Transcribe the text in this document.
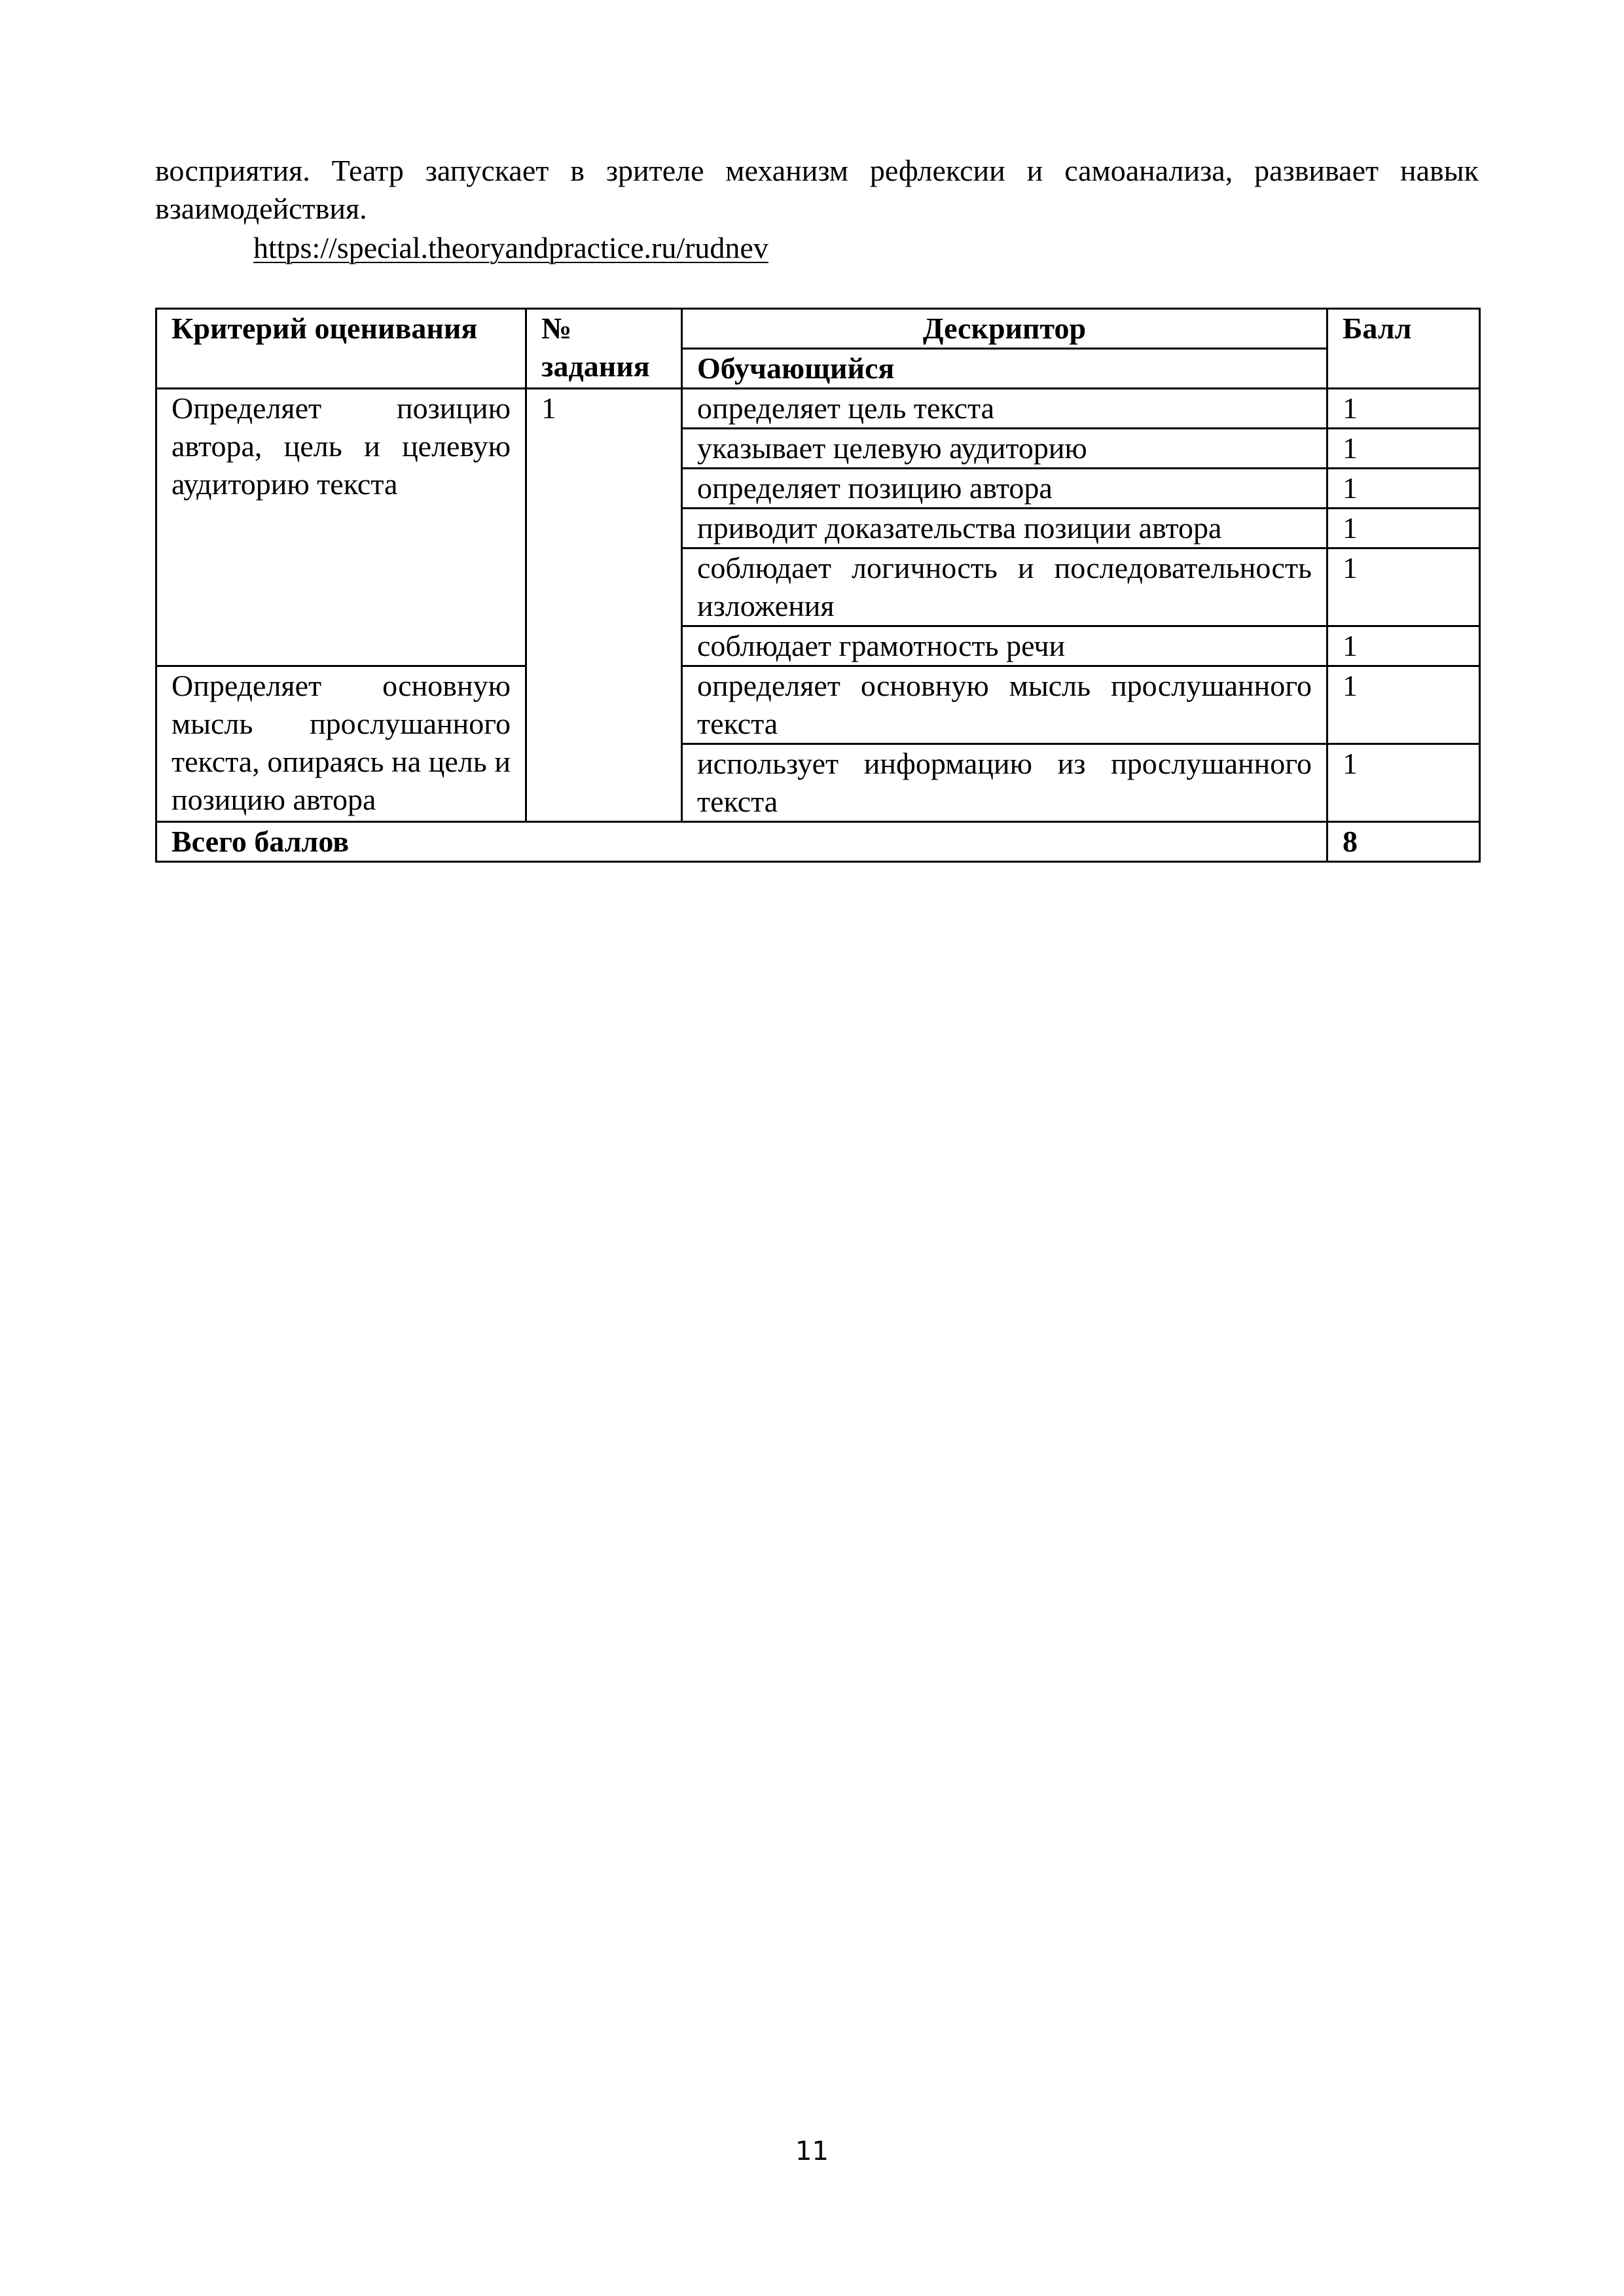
восприятия. Театр запускает в зрителе механизм рефлексии и самоанализа, развивает навык
взаимодействия.
https://special.theoryandpractice.ru/rudnev
Критерий оценивания	№ задания	Дескриптор	Балл
		Обучающийся	
Определяет позицию автора, цель и целевую аудиторию текста	1	определяет цель текста	1
		указывает целевую аудиторию	1
		определяет позицию автора	1
		приводит доказательства позиции автора	1
		соблюдает логичность и последовательность изложения	1
		соблюдает грамотность речи	1
Определяет основную мысль прослушанного текста, опираясь на цель и позицию автора		определяет основную мысль прослушанного текста	1
		использует информацию из прослушанного текста	1
Всего баллов			8
11
